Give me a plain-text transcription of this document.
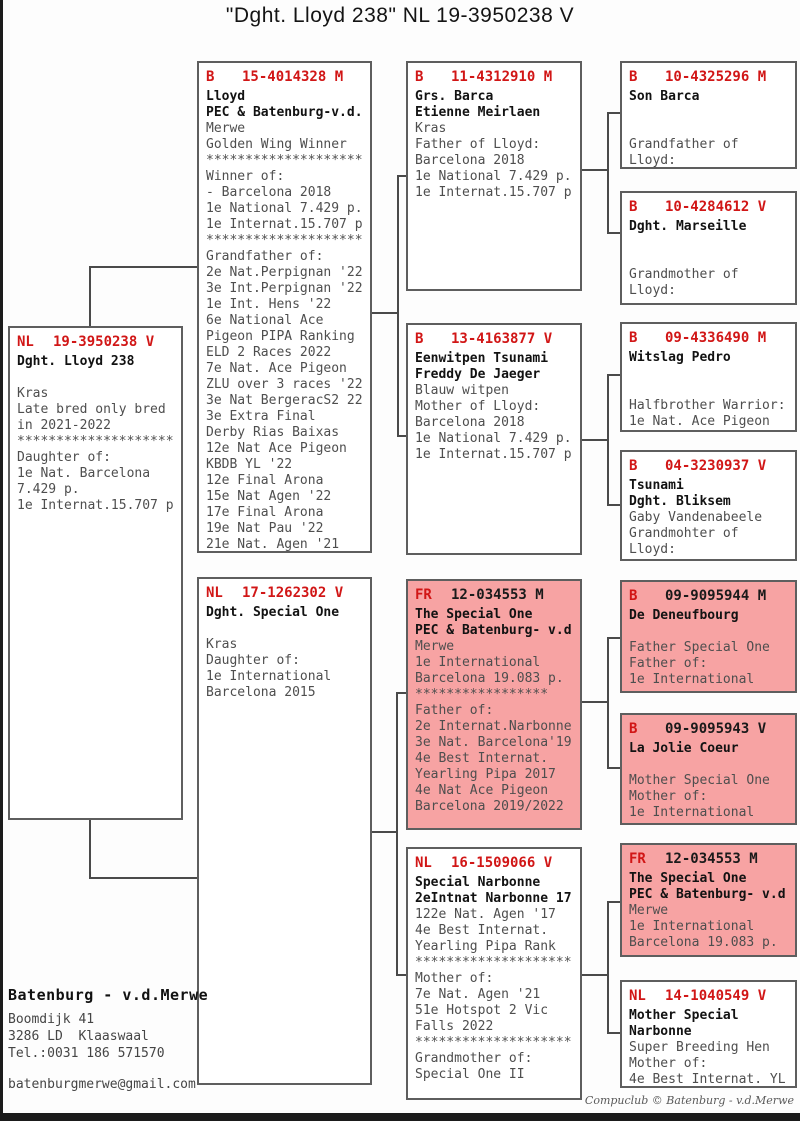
"Dght. Lloyd 238" NL 19-3950238 V
NL 19-3950238 V
Dght. Lloyd 238
Kras
Late bred only bred
in 2021-2022
********************
Daughter of:
1e Nat. Barcelona
7.429 p.
1e Internat.15.707 p
B 15-4014328 M
Lloyd
PEC & Batenburg-v.d.
Merwe
Golden Wing Winner
********************
Winner of:
- Barcelona 2018
1e National 7.429 p.
1e Internat.15.707 p
********************
Grandfather of:
2e Nat.Perpignan '22
3e Int.Perpignan '22
1e Int. Hens '22
6e National Ace
Pigeon PIPA Ranking
ELD 2 Races 2022
7e Nat. Ace Pigeon
ZLU over 3 races '22
3e Nat BergeracS2 22
3e Extra Final
Derby Rias Baixas
12e Nat Ace Pigeon
KBDB YL '22
12e Final Arona
15e Nat Agen '22
17e Final Arona
19e Nat Pau '22
21e Nat. Agen '21
NL 17-1262302 V
Dght. Special One
Kras
Daughter of:
1e International
Barcelona 2015
B 11-4312910 M
Grs. Barca
Etienne Meirlaen
Kras
Father of Lloyd:
Barcelona 2018
1e National 7.429 p.
1e Internat.15.707 p
B 13-4163877 V
Eenwitpen Tsunami
Freddy De Jaeger
Blauw witpen
Mother of Lloyd:
Barcelona 2018
1e National 7.429 p.
1e Internat.15.707 p
FR 12-034553 M
The Special One
PEC & Batenburg- v.d
Merwe
1e International
Barcelona 19.083 p.
*****************
Father of:
2e Internat.Narbonne
3e Nat. Barcelona'19
4e Best Internat.
Yearling Pipa 2017
4e Nat Ace Pigeon
Barcelona 2019/2022
NL 16-1509066 V
Special Narbonne
2eIntnat Narbonne 17
122e Nat. Agen '17
4e Best Internat.
Yearling Pipa Rank
********************
Mother of:
7e Nat. Agen '21
51e Hotspot 2 Vic
Falls 2022
********************
Grandmother of:
Special One II
B 10-4325296 M
Son Barca
Grandfather of
Lloyd:
B 10-4284612 V
Dght. Marseille
Grandmother of
Lloyd:
B 09-4336490 M
Witslag Pedro
Halfbrother Warrior:
1e Nat. Ace Pigeon
B 04-3230937 V
Tsunami
Dght. Bliksem
Gaby Vandenabeele
Grandmohter of
Lloyd:
B 09-9095944 M
De Deneufbourg
Father Special One
Father of:
1e International
B 09-9095943 V
La Jolie Coeur
Mother Special One
Mother of:
1e International
FR 12-034553 M
The Special One
PEC & Batenburg- v.d
Merwe
1e International
Barcelona 19.083 p.
NL 14-1040549 V
Mother Special
Narbonne
Super Breeding Hen
Mother of:
4e Best Internat. YL
Batenburg - v.d.Merwe
Boomdijk 41
3286 LD  Klaaswaal
Tel.:0031 186 571570
batenburgmerwe@gmail.com
Compuclub © Batenburg - v.d.Merwe
